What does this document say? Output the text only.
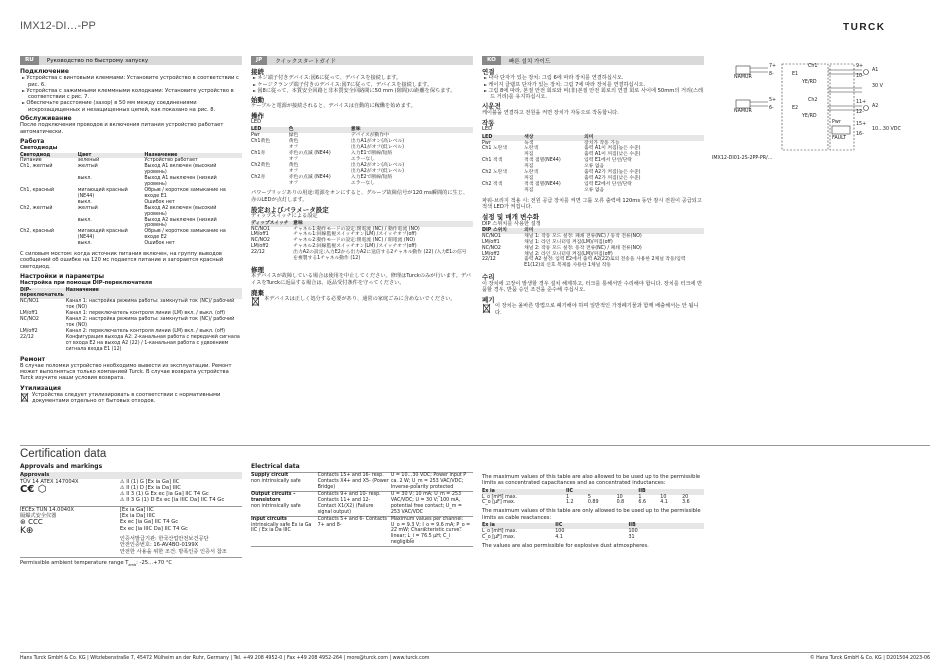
IMX12-DI…-PP	TURCK
RU	Руководство по быстрому запуску
Подключение
► Устройства с винтовыми клеммами: Установите устройство в соответствии с рис. 6.
► Устройства с зажимными клеммными колодками: Установите устройство в соответствии с рис. 7.
► Обеспечьте расстояние (зазор) в 50 мм между соединениями искрозащищенных и незащищенных цепей, как показано на рис. 8.
Обслуживание
После подключения проводов и включения питания устройство работает автоматически.
Работа
Светодиоды
Светодиод	Цвет	Назначение
Питание	зеленый	Устройство работает
Ch1, желтый	желтый	Выход A1 включен (высокий уровень)
	выкл.	Выход A1 выключен (низкий уровень)
Ch1, красный	мигающий красный (NE44)	Обрыв / короткое замыкание на входе E1
	выкл.	Ошибок нет
Ch2, желтый	желтый	Выход A2 включен (высокий уровень)
	выкл.	Выход A2 выключен (низкий уровень)
Ch2, красный	мигающий красный (NE44)	Обрыв / короткое замыкание на входе E2
	выкл.	Ошибок нет
С силовым мостом: когда источник питания включен, на группу выводов сообщений об ошибке на 120 мс подается питание и загорается красный светодиод.
Настройки и параметры
Настройка при помощи DIP-переключателя
DIP-переключатель	Назначение
NC/NO1	Канал 1: настройка режима работы: замкнутый ток (NC)/ рабочий ток (NO)
LM/off1	Канал 1: переключатель контроля линии (LM) вкл. / выкл. (off)
NC/NO2	Канал 2: настройка режима работы: замкнутый ток (NC)/ рабочий ток (NO)
LM/off2	Канал 2: переключатель контроля линии (LM) вкл. / выкл. (off)
22/12	Конфигурация выхода A2: 2-канальная работа с передачей сигнала от входа E2 на выход A2 (22) / 1-канальная работа с удвоением сигнала входа E1 (12)
Ремонт
В случае поломки устройство необходимо вывести из эксплуатации. Ремонт может выполняться только компанией Turck. В случае возврата устройства Turck изучите наши условия возврата.
Утилизация
Устройства следует утилизировать в соответствии с нормативными документами отдельно от бытовых отходов.
JP	クイックスタートガイド
接続
► ネジ端子付きデバイス:図6に従って、デバイスを接続します。
► ケージクランプ端子付きのデバイス:図7に従って、デバイスを接続します。
► 図8に従って、本質安全回路と非本質安全回路間に50 mm (隙間)の距離を保ちます。
始動
ケーブルと電源が接続されると、デバイスは自動的に稼働を始めます。
操作
LED
LED	色	意味
Pwr	緑色	デバイスが動作中
Ch1黄色	黄色	出力A1がオン(高レベル)
	オフ	出力A1がオフ(低レベル)
Ch1赤	赤色の点滅 (NE44)	入力E1で断線/短絡
	オフ	エラーなし
Ch2黄色	黄色	出力A2がオン(高レベル)
	オフ	出力A2がオフ(低レベル)
Ch2赤	赤色の点滅 (NE44)	入力E2で断線/短絡
	オフ	エラーなし
パワーブリッジありの用途:電源をオンにすると、グループ故障信号が120 ms瞬間的に生じ、赤のLEDが点灯します。
設定およびパラメータ設定
ディップスイッチによる設定
ディップスイッチ	意味
NC/NO1	チャネル1:動作モードの設定:閉電流 (NC) / 動作電流 (NO)
LM/off1	チャネル1:回線監視スイッチオン(LM) /スイッチオフ(off)
NC/NO2	チャネル2:動作モードの設定:閉電流 (NC) / 開電流 (NO)
LM/off2	チャネル2:回線監視スイッチオン(LM) /スイッチオフ(off)
22/12	出力A2の設定:入力E2から出力A2に送信する2チャネル動作 (22) /入力E1の信号を複製する1チャネル動作 (12)
修理
本デバイスが故障している場合は使用を中止してください。修理はTurckのみが行います。デバイスをTurckに返品する場合は、返品受付条件を守ってください。
廃棄
本デバイスは正しく処分する必要があり、通常の家庭ごみに含めないでください。
KO	빠른 설치 가이드
연결
► 나사 단자가 있는 장치: 그림 6에 따라 장치를 연결하십시오.
► 케이지 클램프 단자가 있는 장치: 그림 7에 따라 장치를 연결하십시오.
► 그림 8에 따라, 본질 안전 회로와 비(非)본질 안전 회로의 연결 회로 사이에 50mm의 거리(스레드 거리)를 유지하십시오.
시운전
케이블을 연결하고 전원을 켜면 장치가 자동으로 작동합니다.
작동
LED
LED	색상	의미
Pwr	녹색	장치가 작동 가능
Ch1 노란색	노란색	출력 A1이 켜짐(높은 수준)
	꺼짐	출력 A1이 꺼짐(낮은 수준)
Ch1 적색	적색 점멸(NE44)	입력 E1에서 단선/단락
	꺼짐	오류 없음
Ch2 노란색	노란색	출력 A2가 켜짐(높은 수준)
	꺼짐	출력 A2가 꺼짐(낮은 수준)
Ch2 적색	적색 점멸(NE44)	입력 E2에서 단선/단락
	꺼짐	오류 없음
파워-브리지 적용 시: 전원 공급 장치를 켜면 그룹 오류 출력에 120ms 동안 잠시 전원이 공급되고 적색 LED가 켜집니다.
설정 및 매개 변수화
DIP 스위치를 사용한 설정
DIP 스위치	의미
NC/NO1	채널 1: 작동 모드 설정: 폐쇄 전류(NC) / 동작 전류(NO)
LM/off1	채널 1: 라인 모니터링 켜짐(LM)/꺼짐(off)
NC/NO2	채널 2: 작동 모드 설정: 동작 전류(NC) / 폐쇄 전류(NO)
LM/off2	채널 2: 라인 모니터링 켜짐(LM)/꺼짐(off)
22/12	출력 A2 설정: 입력 E2에서 출력 A2(22)로의 전송을 사용한 2채널 작동/입력 E1(12)의 신호 복제를 사용한 1채널 작동
수리
이 장치에 고장이 발생할 경우 설치 해제하고, 터크를 통해서만 수리해야 합니다. 장치를 터크에 반품할 경우, 반품 승인 조건을 준수해 주십시오.
폐기
이 장치는 올바른 방법으로 폐기해야 하며 일반적인 가정폐기물과 함께 배출해서는 안 됩니다.
NAMUR
NAMUR
7+
8-
5+
6-
Ch1
Ch2
YE/RD
YE/RD
E1
E2
9+
10-
11+
12-
A1
A2
30 V
Pwr
FAULT
15+
16-
10…30 VDC
IMX12-DI01-2S-2PP-PR/…
Certification data
Approvals and markings
Approvals
TÜV 14 ATEX 147004X
C€ ⬡
⚠ II (1) G [Ex ia Ga] IIC
⚠ II (1) D [Ex ia Da] IIIC
⚠ II 3 (1) G Ex ec [ia Ga] IIC T4 Gc
⚠ II 3 G (1) D Ex ec [ia IIIC Da] IIC T4 Gc
IECEx TUN 14.0040X
隔爆式安全仪器
⊛ CCC
K⊕
[Ex ia Ga] IIC
[Ex ia Da] IIIC
Ex ec [ia Ga] IIC T4 Gc
Ex ec [ia IIIC Da] IIC T4 Gc
인증서발급기관: 한국산업안전보건공단
안전인증번호: 16-AV4BO-0199X
안전한 사용을 위한 조건: 방폭인증 인증서 참조
Permissible ambient temperature range $T_{amb}$: -25…+70 °C
Electrical data
Supply circuit
non intrinsically safe	Contacts 15+ and 16- resp. Contacts X4+ and X5- (Power Bridge)	U = 10…30 VDC; Power input P ca. 2 W; U_m = 253 VAC/VDC; Inverse-polarity protected
Output circuits – transistors
non intrinsically safe	Contacts 9+ and 10- resp. Contacts 11+ and 12- Contact X1(X2) (Failure signal output)	U = 30 V; 10 mA; U_m = 253 VAC/VDC; U = 30 V; 100 mA, potential free contact; U_m = 253 VAC/VDC
Input circuits
intrinsically safe Ex ia Ga IIC / Ex ia Da IIIC	Contacts 5+ and 6- Contacts 7+ and 8-	Maximum values per channel: U_o = 9.3 V; I_o = 9.6 mA; P_o = 22 mW; Characteristic curve: linear; L_i = 76.5 µH; C_i negligible
The maximum values of this table are also allowed to be used up to the permissible limits as concentrated capacitances and as concentrated inductances:
Ex ia	IIC			IIB		
L_o [mH] max.	1	5	10	1	10	20
C_o [µF] max.	1.2	0.89	0.8	6.6	4.1	3.6
The maximum values of this table are only allowed to be used up to the permissible limits as cable reactances:
Ex ia	IIC	IIB
L_o [mH] max.	100	100
C_o [µF] max.	4.1	31
The values are also permissible for explosive dust atmospheres.
Hans Turck GmbH & Co. KG | Witzlebenstraße 7, 45472 Mülheim an der Ruhr, Germany | Tel. +49 208 4952-0 | Fax +49 208 4952-264 | more@turck.com | www.turck.com	© Hans Turck GmbH & Co. KG | D201504 2023-06
